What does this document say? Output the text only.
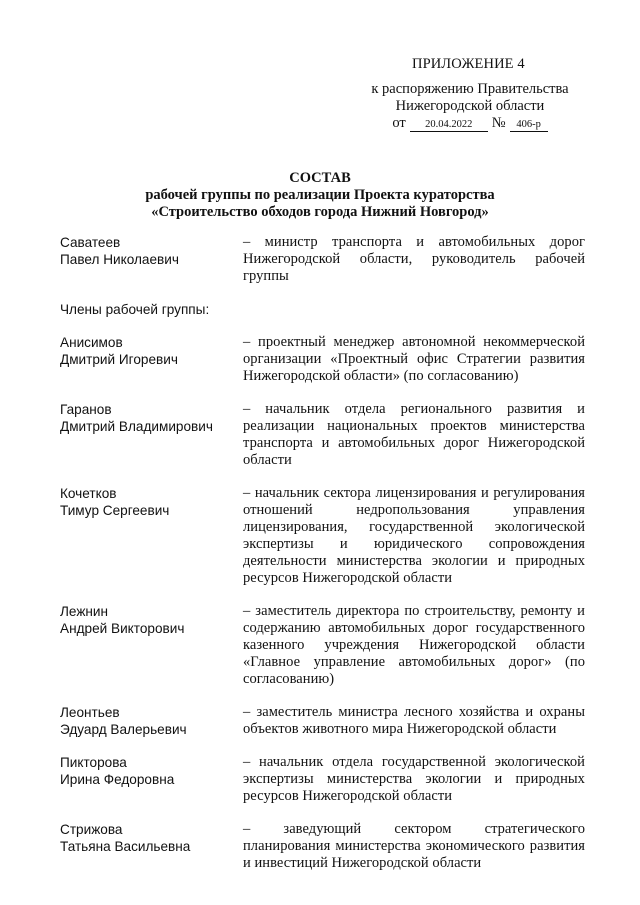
ПРИЛОЖЕНИЕ 4
к распоряжению Правительства
Нижегородской области
от	20.04.2022	№	406-р
СОСТАВ
рабочей группы по реализации Проекта кураторства
«Строительство обходов города Нижний Новгород»
Саватеев
Павел Николаевич
– министр транспорта и автомобильных дорог Нижегородской области, руководитель рабочей группы
Члены рабочей группы:
Анисимов
Дмитрий Игоревич
– проектный менеджер автономной некоммерческой организации «Проектный офис Стратегии развития Нижегородской области» (по согласованию)
Гаранов
Дмитрий Владимирович
– начальник отдела регионального развития и реализации национальных проектов министерства транспорта и автомобильных дорог Нижегородской области
Кочетков
Тимур Сергеевич
– начальник сектора лицензирования и регулирования отношений недропользования управления лицензирования, государственной экологической экспертизы и юридического сопровождения деятельности министерства экологии и природных ресурсов Нижегородской области
Лежнин
Андрей Викторович
– заместитель директора по строительству, ремонту и содержанию автомобильных дорог государственного казенного учреждения Нижегородской области «Главное управление автомобильных дорог» (по согласованию)
Леонтьев
Эдуард Валерьевич
– заместитель министра лесного хозяйства и охраны объектов животного мира Нижегородской области
Пикторова
Ирина Федоровна
– начальник отдела государственной экологической экспертизы министерства экологии и природных ресурсов Нижегородской области
Стрижова
Татьяна Васильевна
– заведующий сектором стратегического планирования министерства экономического развития и инвестиций Нижегородской области
